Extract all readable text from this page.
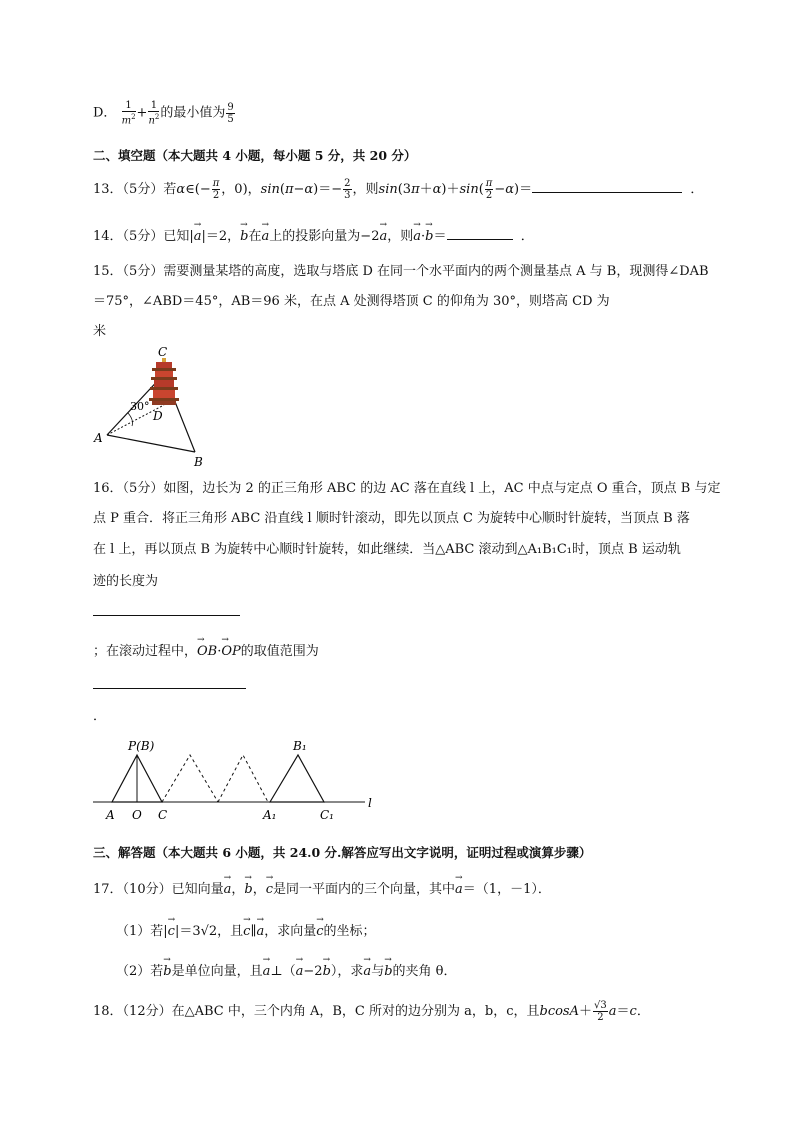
D． $\frac{1}{m^2} + \frac{1}{n^2}$ 的最小值为 $\frac{9}{5}$
二、填空题（本大题共 4 小题，每小题 5 分，共 20 分）
13．（5分）若α∈(− $\frac{\pi}{2}$ ，0)，$\sin(\pi-\alpha)=- \frac{2}{3}$ ，则$\sin(3\pi+\alpha)+\sin( \frac{\pi}{2} -\alpha)=$	．
14．（5分）已知|→ a|＝2，→ b在→ a上的投影向量为−2→ a，则→ a·→ b＝	．
15．（5分）需要测量某塔的高度，选取与塔底 D 在同一个水平面内的两个测量基点 A 与 B，现测得∠DAB
＝75°，∠ABD＝45°，AB＝96 米，在点 A 处测得塔顶 C 的仰角为 30°，则塔高 CD 为
米
C
D
A
B
30°
16．（5分）如图，边长为 2 的正三角形 ABC 的边 AC 落在直线 l 上，AC 中点与定点 O 重合，顶点 B 与定
点 P 重合．将正三角形 ABC 沿直线 l 顺时针滚动，即先以顶点 C 为旋转中心顺时针旋转，当顶点 B 落
在 l 上，再以顶点 B 为旋转中心顺时针旋转，如此继续．当△ABC 滚动到△A₁B₁C₁时，顶点 B 运动轨
迹的长度为
；在滚动过程中，→ OB·→ OP的取值范围为
．
P(B)	B₁
A O C	A₁	C₁
l
三、解答题（本大题共 6 小题，共 24.0 分.解答应写出文字说明，证明过程或演算步骤）
17．（10分）已知向量→ a，→ b，→ c是同一平面内的三个向量，其中→ a＝（1，－1）．
（1）若|→ c|＝3√2，且→ c∥→ a，求向量→ c的坐标；
（2）若→ b是单位向量，且→ a⊥（→ a−2→ b），求→ a与→ b的夹角 θ．
18．（12分）在△ABC 中，三个内角 A，B，C 所对的边分别为 a，b，c，且$bcosA+ \frac{√3}{2} a=c$．
